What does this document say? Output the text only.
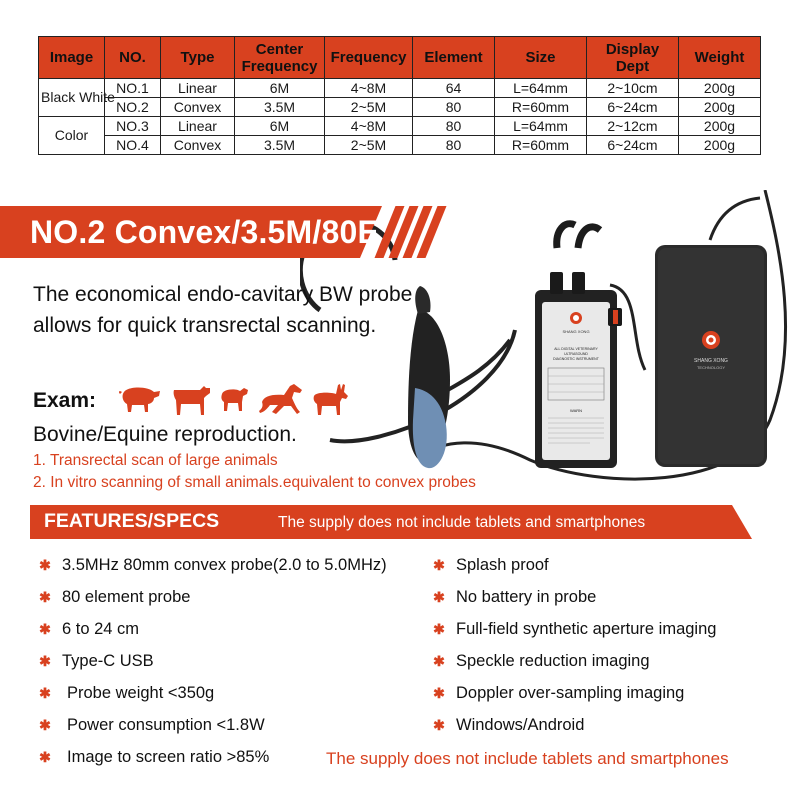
Image	NO.	Type	Center Frequency	Frequency	Element	Size	Display Dept	Weight
Black White	NO.1	Linear	6M	4~8M	64	L=64mm	2~10cm	200g
	NO.2	Convex	3.5M	2~5M	80	R=60mm	6~24cm	200g
Color	NO.3	Linear	6M	4~8M	80	L=64mm	2~12cm	200g
	NO.4	Convex	3.5M	2~5M	80	R=60mm	6~24cm	200g
SHANG XONG
TECHNOLOGY
SHANG XONG
ALL DIGITAL VETERINARY
ULTRASOUND
DIAGNOSTIC INSTRUMENT
WARN
NO.2 Convex/3.5M/80E
The economical endo-cavitary BW probe allows for quick transrectal scanning.
Exam:
Bovine/Equine reproduction.
1. Transrectal scan of large animals
2. In vitro scanning of small animals.equivalent to convex probes
FEATURES/SPECS	The supply does not include tablets and smartphones
✱ 3.5MHz 80mm convex probe(2.0 to 5.0MHz)
✱ 80 element probe
✱ 6 to 24 cm
✱ Type-C USB
✱ Probe weight <350g
✱ Power consumption <1.8W
✱ Image to screen ratio >85%
✱ Splash proof
✱ No battery in probe
✱ Full-field synthetic aperture imaging
✱ Speckle reduction imaging
✱ Doppler over-sampling imaging
✱ Windows/Android
The supply does not include tablets and smartphones
